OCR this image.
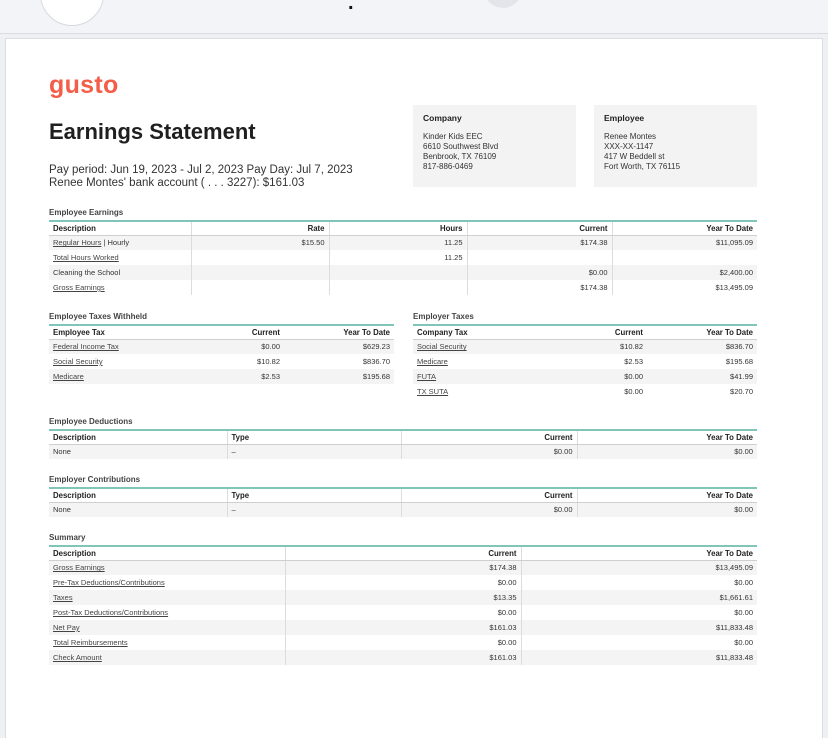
.
gusto
Earnings Statement
Pay period: Jun 19, 2023 - Jul 2, 2023 Pay Day: Jul 7, 2023
Renee Montes' bank account ( . . . 3227): $161.03
Company
Kinder Kids EEC
6610 Southwest Blvd
Benbrook, TX 76109
817-886-0469
Employee
Renee Montes
XXX-XX-1147
417 W Beddell st
Fort Worth, TX 76115
Employee Earnings
Description	Rate	Hours	Current	Year To Date
Regular Hours | Hourly	$15.50	11.25	$174.38	$11,095.09
Total Hours Worked		11.25		
Cleaning the School			$0.00	$2,400.00
Gross Earnings			$174.38	$13,495.09
Employee Taxes Withheld
Employee Tax	Current	Year To Date
Federal Income Tax	$0.00	$629.23
Social Security	$10.82	$836.70
Medicare	$2.53	$195.68
Employer Taxes
Company Tax	Current	Year To Date
Social Security	$10.82	$836.70
Medicare	$2.53	$195.68
FUTA	$0.00	$41.99
TX SUTA	$0.00	$20.70
Employee Deductions
Description	Type	Current	Year To Date
None	–	$0.00	$0.00
Employer Contributions
Description	Type	Current	Year To Date
None	–	$0.00	$0.00
Summary
Description	Current	Year To Date
Gross Earnings	$174.38	$13,495.09
Pre-Tax Deductions/Contributions	$0.00	$0.00
Taxes	$13.35	$1,661.61
Post-Tax Deductions/Contributions	$0.00	$0.00
Net Pay	$161.03	$11,833.48
Total Reimbursements	$0.00	$0.00
Check Amount	$161.03	$11,833.48
